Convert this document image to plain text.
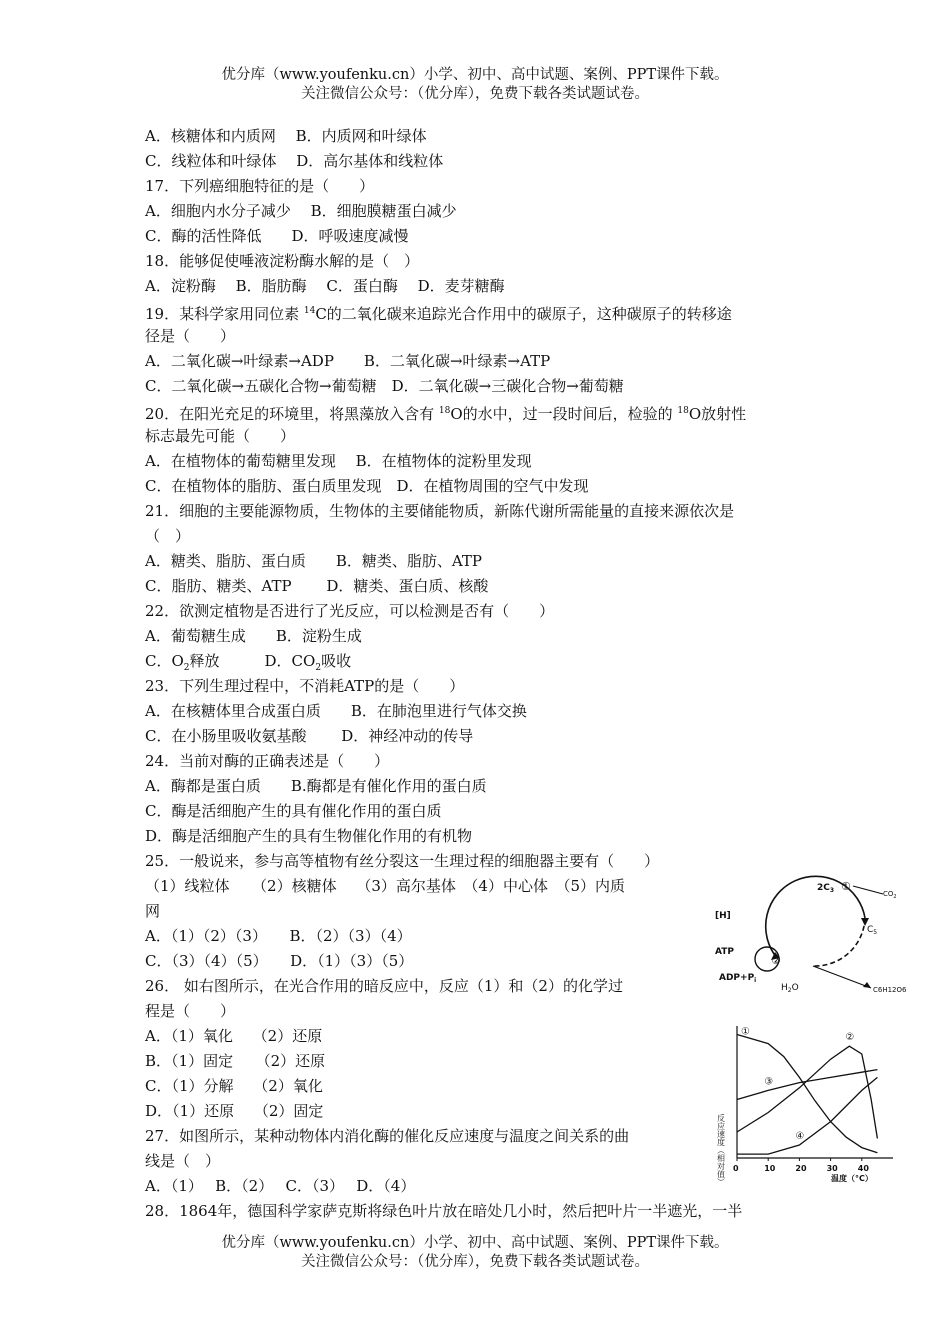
优分库（www.youfenku.cn）小学、初中、高中试题、案例、PPT课件下载。
关注微信公众号：（优分库），免费下载各类试题试卷。
A．核糖体和内质网　 B．内质网和叶绿体
C．线粒体和叶绿体　 D．高尔基体和线粒体
17．下列癌细胞特征的是（　　）
A．细胞内水分子减少　 B．细胞膜糖蛋白减少
C．酶的活性降低　　D．呼吸速度减慢
18．能够促使唾液淀粉酶水解的是（　）
A．淀粉酶　 B．脂肪酶　 C．蛋白酶　 D．麦芽糖酶
19．某科学家用同位素 $^{14}$C的二氧化碳来追踪光合作用中的碳原子，这种碳原子的转移途
径是（　　）
A．二氧化碳→叶绿素→ADP　　B．二氧化碳→叶绿素→ATP
C．二氧化碳→五碳化合物→葡萄糖　D．二氧化碳→三碳化合物→葡萄糖
20．在阳光充足的环境里，将黑藻放入含有 $^{18}$O的水中，过一段时间后，检验的 $^{18}$O放射性
标志最先可能（　　）
A．在植物体的葡萄糖里发现　 B．在植物体的淀粉里发现
C．在植物体的脂肪、蛋白质里发现　D．在植物周围的空气中发现
21．细胞的主要能源物质，生物体的主要储能物质，新陈代谢所需能量的直接来源依次是
（　）
A．糖类、脂肪、蛋白质　　B．糖类、脂肪、ATP
C．脂肪、糖类、ATP　　 D．糖类、蛋白质、核酸
22．欲测定植物是否进行了光反应，可以检测是否有（　　）
A．葡萄糖生成　　B．淀粉生成
C．$O_2$释放　　　D．$CO_2$吸收
23．下列生理过程中，不消耗ATP的是（　　）
A．在核糖体里合成蛋白质　　B．在肺泡里进行气体交换
C．在小肠里吸收氨基酸　　 D．神经冲动的传导
24．当前对酶的正确表述是（　　）
A．酶都是蛋白质　　B.酶都是有催化作用的蛋白质
C．酶是活细胞产生的具有催化作用的蛋白质
D．酶是活细胞产生的具有生物催化作用的有机物
25．一般说来，参与高等植物有丝分裂这一生理过程的细胞器主要有（　　）
（1）线粒体　　（2）核糖体　 （3）高尔基体　（4）中心体　（5）内质
网
A．（1）（2）（3）　　B．（2）（3）（4）
C．（3）（4）（5）　　D．（1）（3）（5）
26． 如右图所示，在光合作用的暗反应中，反应（1）和（2）的化学过
程是（　　）
A．（1）氧化　 （2）还原
B．（1）固定　　（2）还原
C．（1）分解　 （2）氧化
D．（1）还原　 （2）固定
27．如图所示，某种动物体内消化酶的催化反应速度与温度之间关系的曲
线是（　）
A．（1）　 B．（2）　 C．（3）　 D．（4）
28．1864年，德国科学家萨克斯将绿色叶片放在暗处几小时，然后把叶片一半遮光，一半
$2C_3$ ①
$CO_2$
$C_5$
[H]
ATP
$ADP+P_i$
②
$H_2O$	C6H12O6
反应速度（相对值）	温度（°C）
0	10	20	30	40
①
②
③
④
优分库（www.youfenku.cn）小学、初中、高中试题、案例、PPT课件下载。
关注微信公众号：（优分库），免费下载各类试题试卷。
